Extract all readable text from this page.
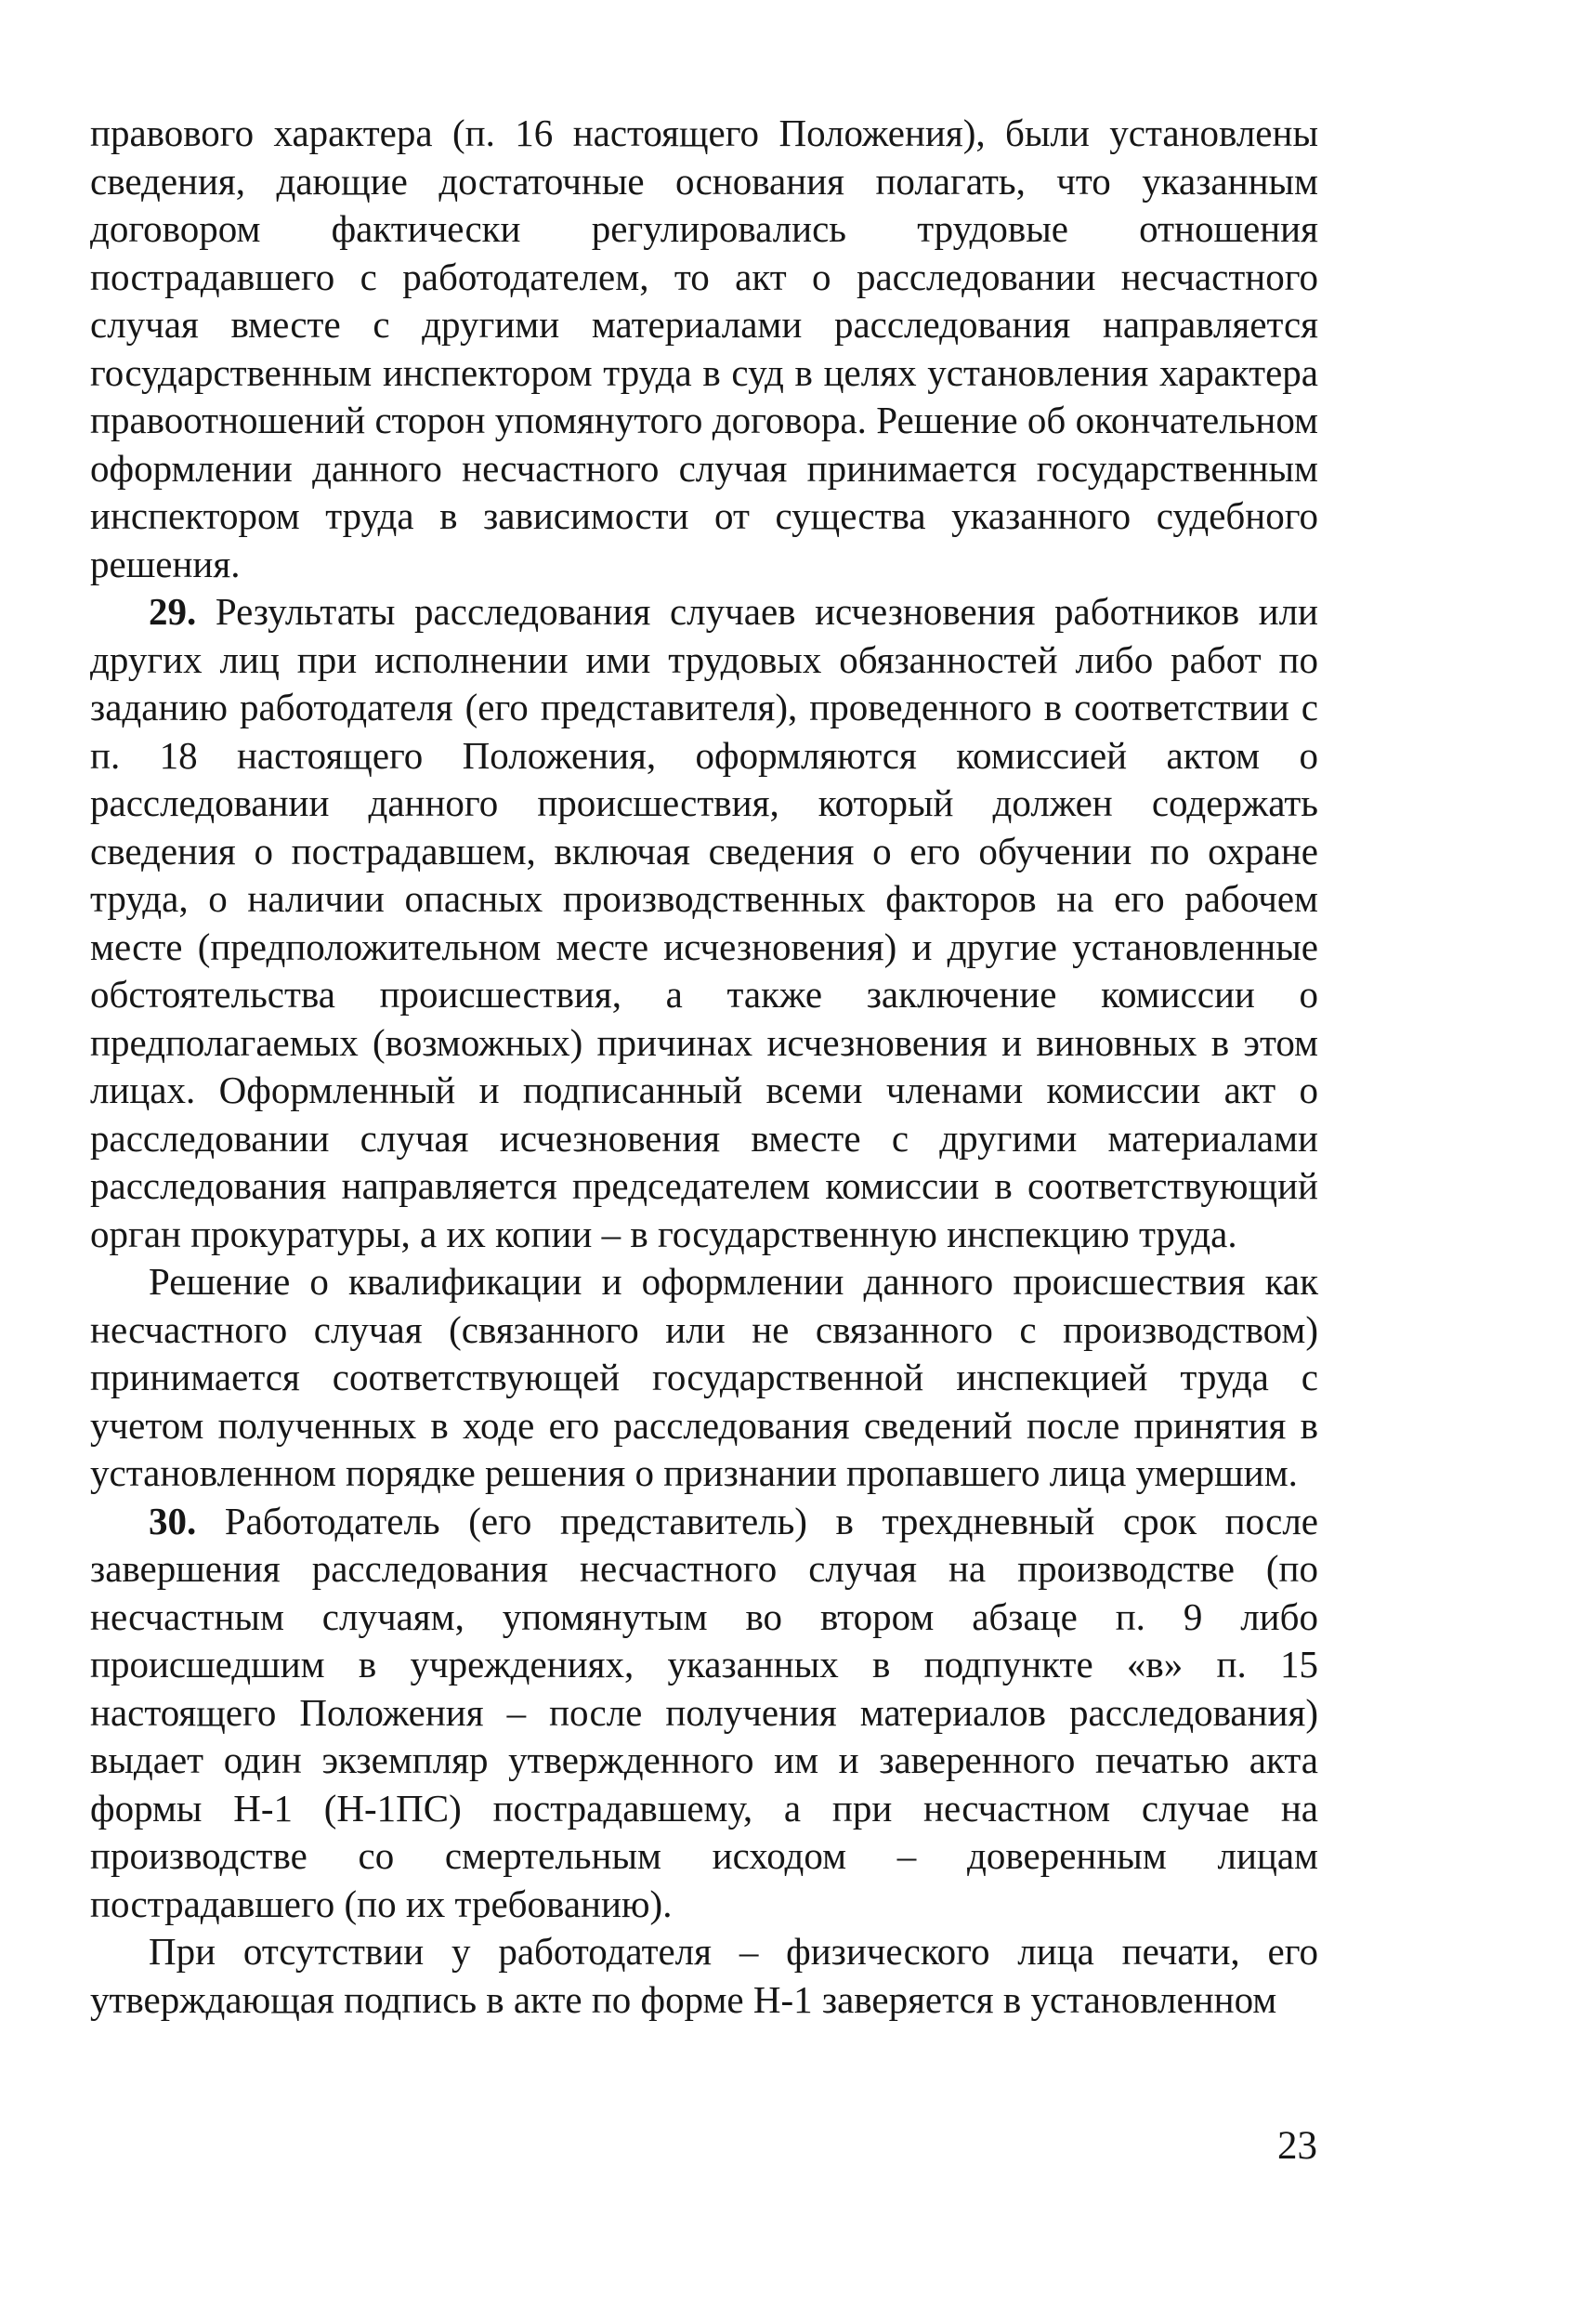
правового характера (п. 16 настоящего Положения), были установлены сведения, дающие достаточные основания полагать, что указанным договором фактически регулировались трудовые отношения пострадавшего с работодателем, то акт о расследовании несчастного случая вместе с другими материалами расследования направляется государственным инспектором труда в суд в целях установления характера правоотношений сторон упомянутого договора. Решение об окончательном оформлении данного несчастного случая принимается государственным инспектором труда в зависимости от существа указанного судебного решения.

29. Результаты расследования случаев исчезновения работников или других лиц при исполнении ими трудовых обязанностей либо работ по заданию работодателя (его представителя), проведенного в соответствии с п. 18 настоящего Положения, оформляются комиссией актом о расследовании данного происшествия, который должен содержать сведения о пострадавшем, включая сведения о его обучении по охране труда, о наличии опасных производственных факторов на его рабочем месте (предположительном месте исчезновения) и другие установленные обстоятельства происшествия, а также заключение комиссии о предполагаемых (возможных) причинах исчезновения и виновных в этом лицах. Оформленный и подписанный всеми членами комиссии акт о расследовании случая исчезновения вместе с другими материалами расследования направляется председателем комиссии в соответствующий орган прокуратуры, а их копии – в государственную инспекцию труда.

Решение о квалификации и оформлении данного происшествия как несчастного случая (связанного или не связанного с производством) принимается соответствующей государственной инспекцией труда с учетом полученных в ходе его расследования сведений после принятия в установленном порядке решения о признании пропавшего лица умершим.

30. Работодатель (его представитель) в трехдневный срок после завершения расследования несчастного случая на производстве (по несчастным случаям, упомянутым во втором абзаце п. 9 либо происшедшим в учреждениях, указанных в подпункте «в» п. 15 настоящего Положения – после получения материалов расследования) выдает один экземпляр утвержденного им и заверенного печатью акта формы Н-1 (Н-1ПС) пострадавшему, а при несчастном случае на производстве со смертельным исходом – доверенным лицам пострадавшего (по их требованию).

При отсутствии у работодателя – физического лица печати, его утверждающая подпись в акте по форме Н-1 заверяется в установленном

23
